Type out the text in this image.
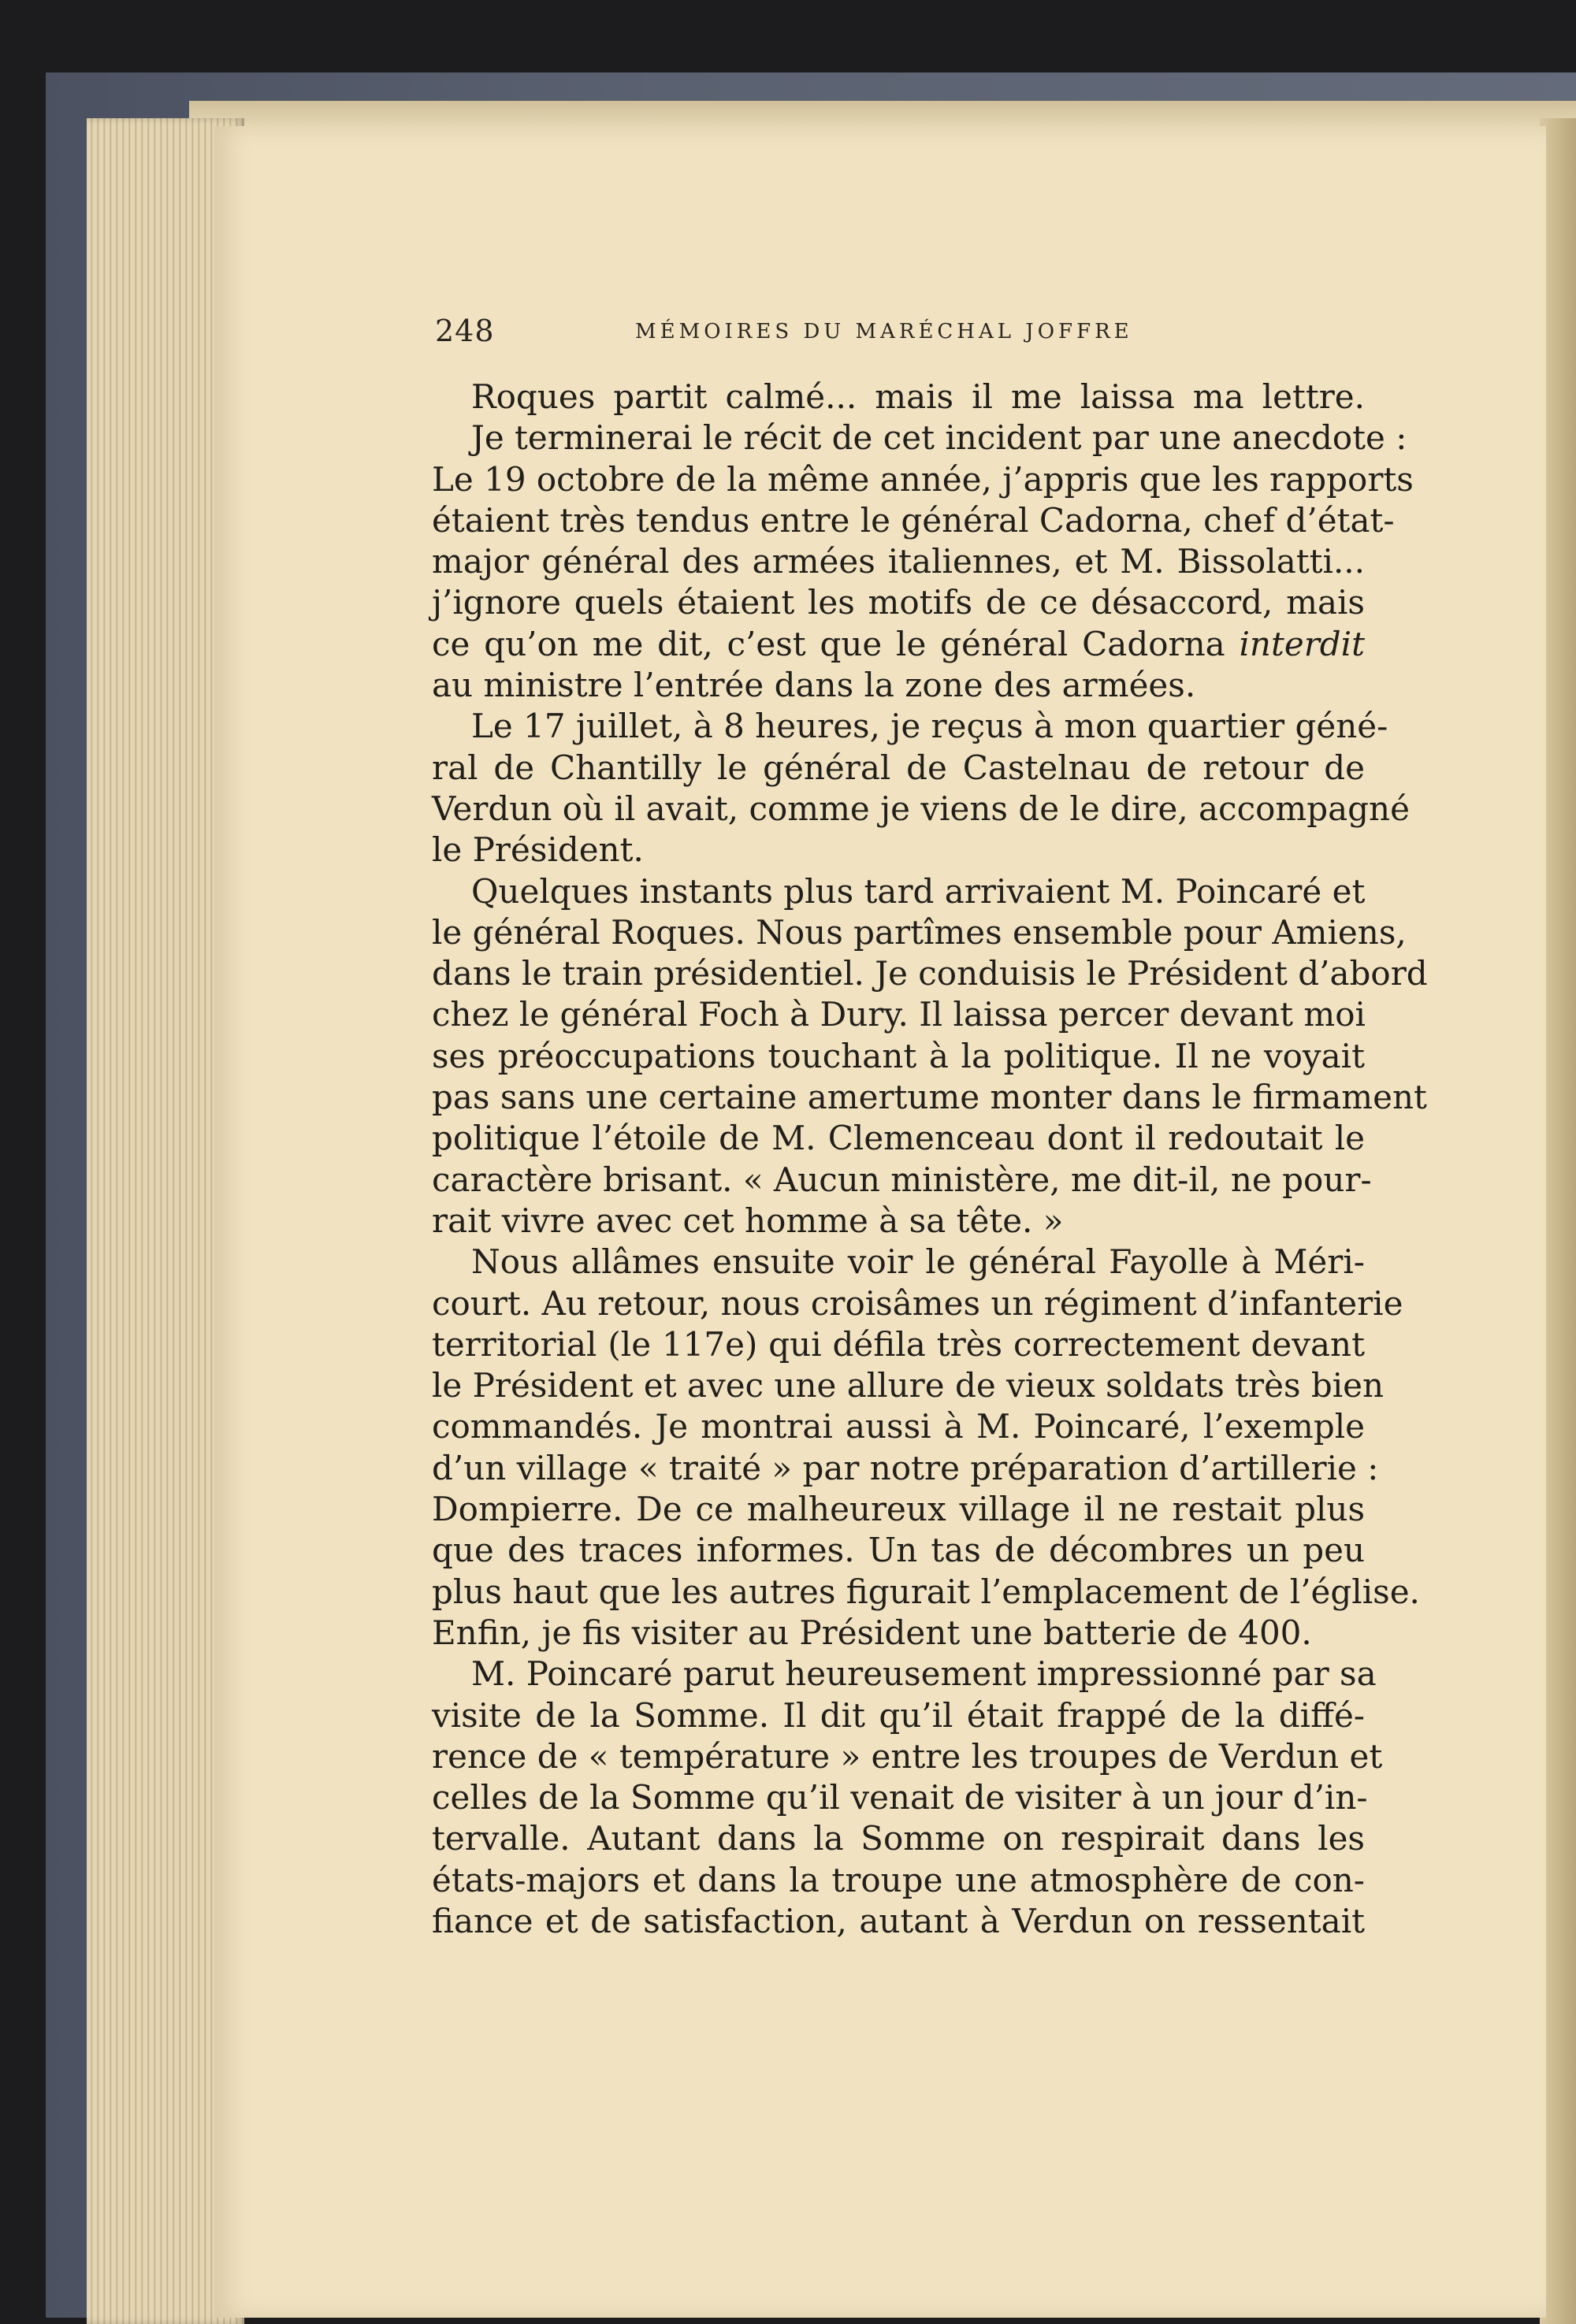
248	MÉMOIRES DU MARÉCHAL JOFFRE
Roques partit calmé... mais il me laissa ma lettre.
Je terminerai le récit de cet incident par une anecdote :
Le 19 octobre de la même année, j’appris que les rapports
étaient très tendus entre le général Cadorna, chef d’état-
major général des armées italiennes, et M. Bissolatti...
j’ignore quels étaient les motifs de ce désaccord, mais
ce qu’on me dit, c’est que le général Cadorna interdit
au ministre l’entrée dans la zone des armées.
Le 17 juillet, à 8 heures, je reçus à mon quartier géné-
ral de Chantilly le général de Castelnau de retour de
Verdun où il avait, comme je viens de le dire, accompagné
le Président.
Quelques instants plus tard arrivaient M. Poincaré et
le général Roques. Nous partîmes ensemble pour Amiens,
dans le train présidentiel. Je conduisis le Président d’abord
chez le général Foch à Dury. Il laissa percer devant moi
ses préoccupations touchant à la politique. Il ne voyait
pas sans une certaine amertume monter dans le firmament
politique l’étoile de M. Clemenceau dont il redoutait le
caractère brisant. « Aucun ministère, me dit-il, ne pour-
rait vivre avec cet homme à sa tête. »
Nous allâmes ensuite voir le général Fayolle à Méri-
court. Au retour, nous croisâmes un régiment d’infanterie
territorial (le 117e) qui défila très correctement devant
le Président et avec une allure de vieux soldats très bien
commandés. Je montrai aussi à M. Poincaré, l’exemple
d’un village « traité » par notre préparation d’artillerie :
Dompierre. De ce malheureux village il ne restait plus
que des traces informes. Un tas de décombres un peu
plus haut que les autres figurait l’emplacement de l’église.
Enfin, je fis visiter au Président une batterie de 400.
M. Poincaré parut heureusement impressionné par sa
visite de la Somme. Il dit qu’il était frappé de la diffé-
rence de « température » entre les troupes de Verdun et
celles de la Somme qu’il venait de visiter à un jour d’in-
tervalle. Autant dans la Somme on respirait dans les
états-majors et dans la troupe une atmosphère de con-
fiance et de satisfaction, autant à Verdun on ressentait
